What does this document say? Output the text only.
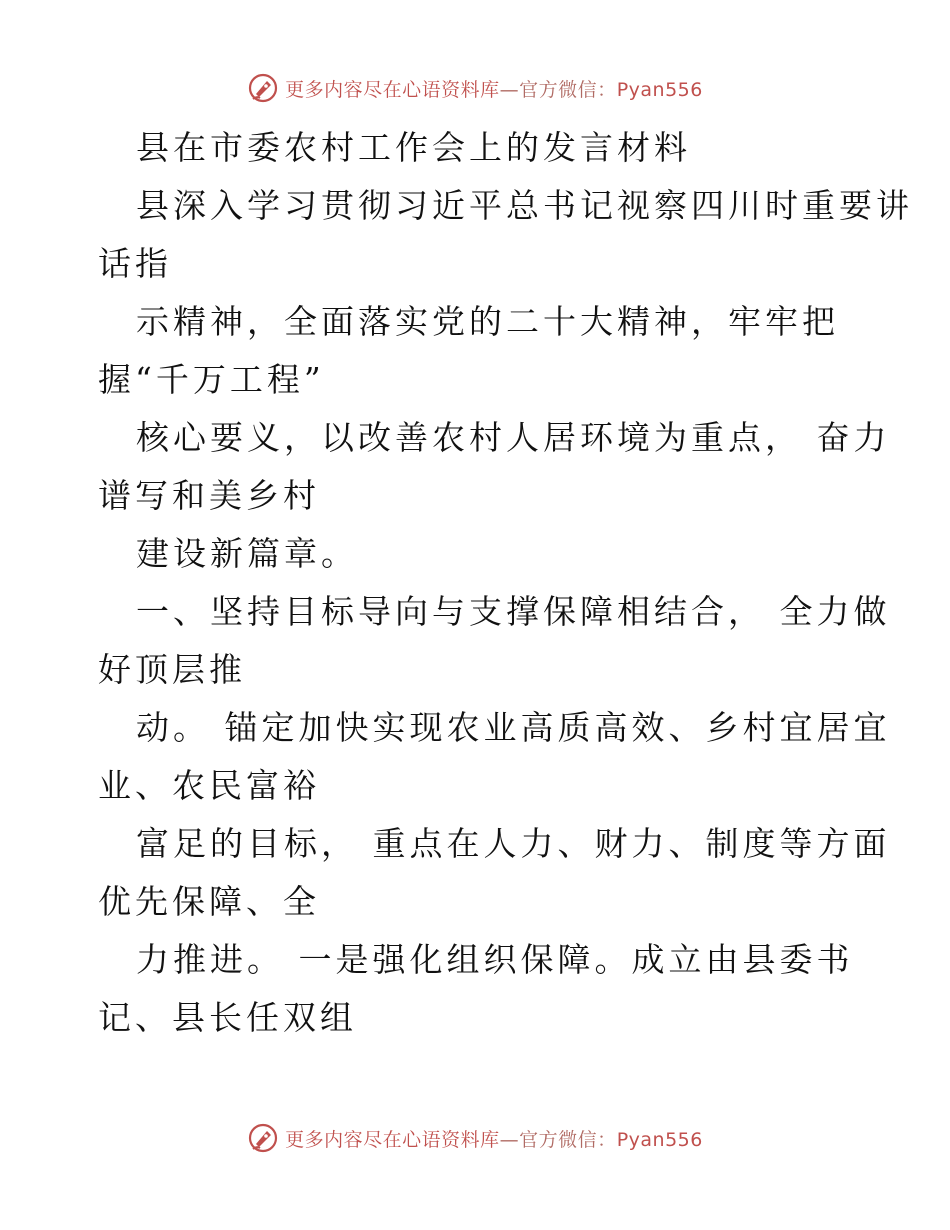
更多内容尽在心语资料库—官方微信：Pyan556
县在市委农村工作会上的发言材料
县深入学习贯彻习近平总书记视察四川时重要讲
话指
示精神，全面落实党的二十大精神，牢牢把
握“千万工程”
核心要义，以改善农村人居环境为重点， 奋力
谱写和美乡村
建设新篇章。
一、坚持目标导向与支撑保障相结合， 全力做
好顶层推
动。 锚定加快实现农业高质高效、乡村宜居宜
业、农民富裕
富足的目标， 重点在人力、财力、制度等方面
优先保障、全
力推进。 一是强化组织保障。成立由县委书
记、县长任双组
更多内容尽在心语资料库—官方微信：Pyan556
